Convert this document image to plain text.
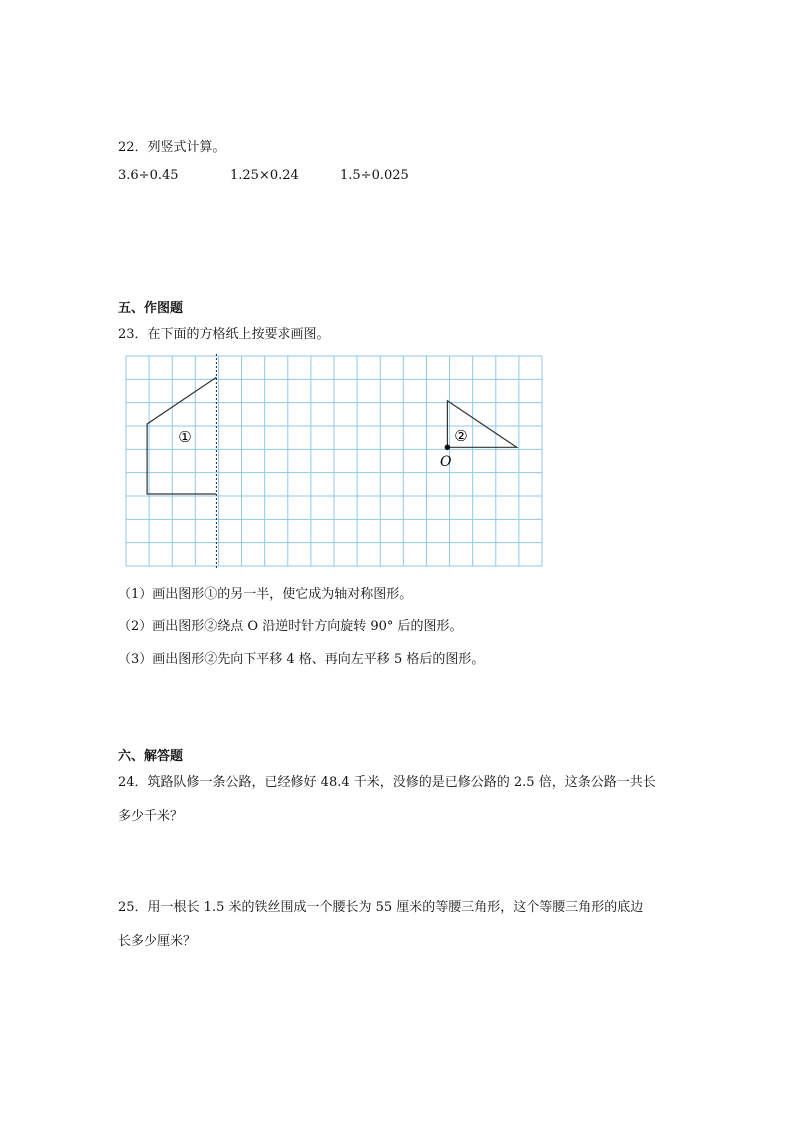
22．列竖式计算。
3.6÷0.45	1.25×0.24	1.5÷0.025
五、作图题
23．在下面的方格纸上按要求画图。
①	②
O
（1）画出图形①的另一半，使它成为轴对称图形。
（2）画出图形②绕点 O 沿逆时针方向旋转 90° 后的图形。
（3）画出图形②先向下平移 4 格、再向左平移 5 格后的图形。
六、解答题
24．筑路队修一条公路，已经修好 48.4 千米，没修的是已修公路的 2.5 倍，这条公路一共长
多少千米？
25．用一根长 1.5 米的铁丝围成一个腰长为 55 厘米的等腰三角形，这个等腰三角形的底边
长多少厘米？
